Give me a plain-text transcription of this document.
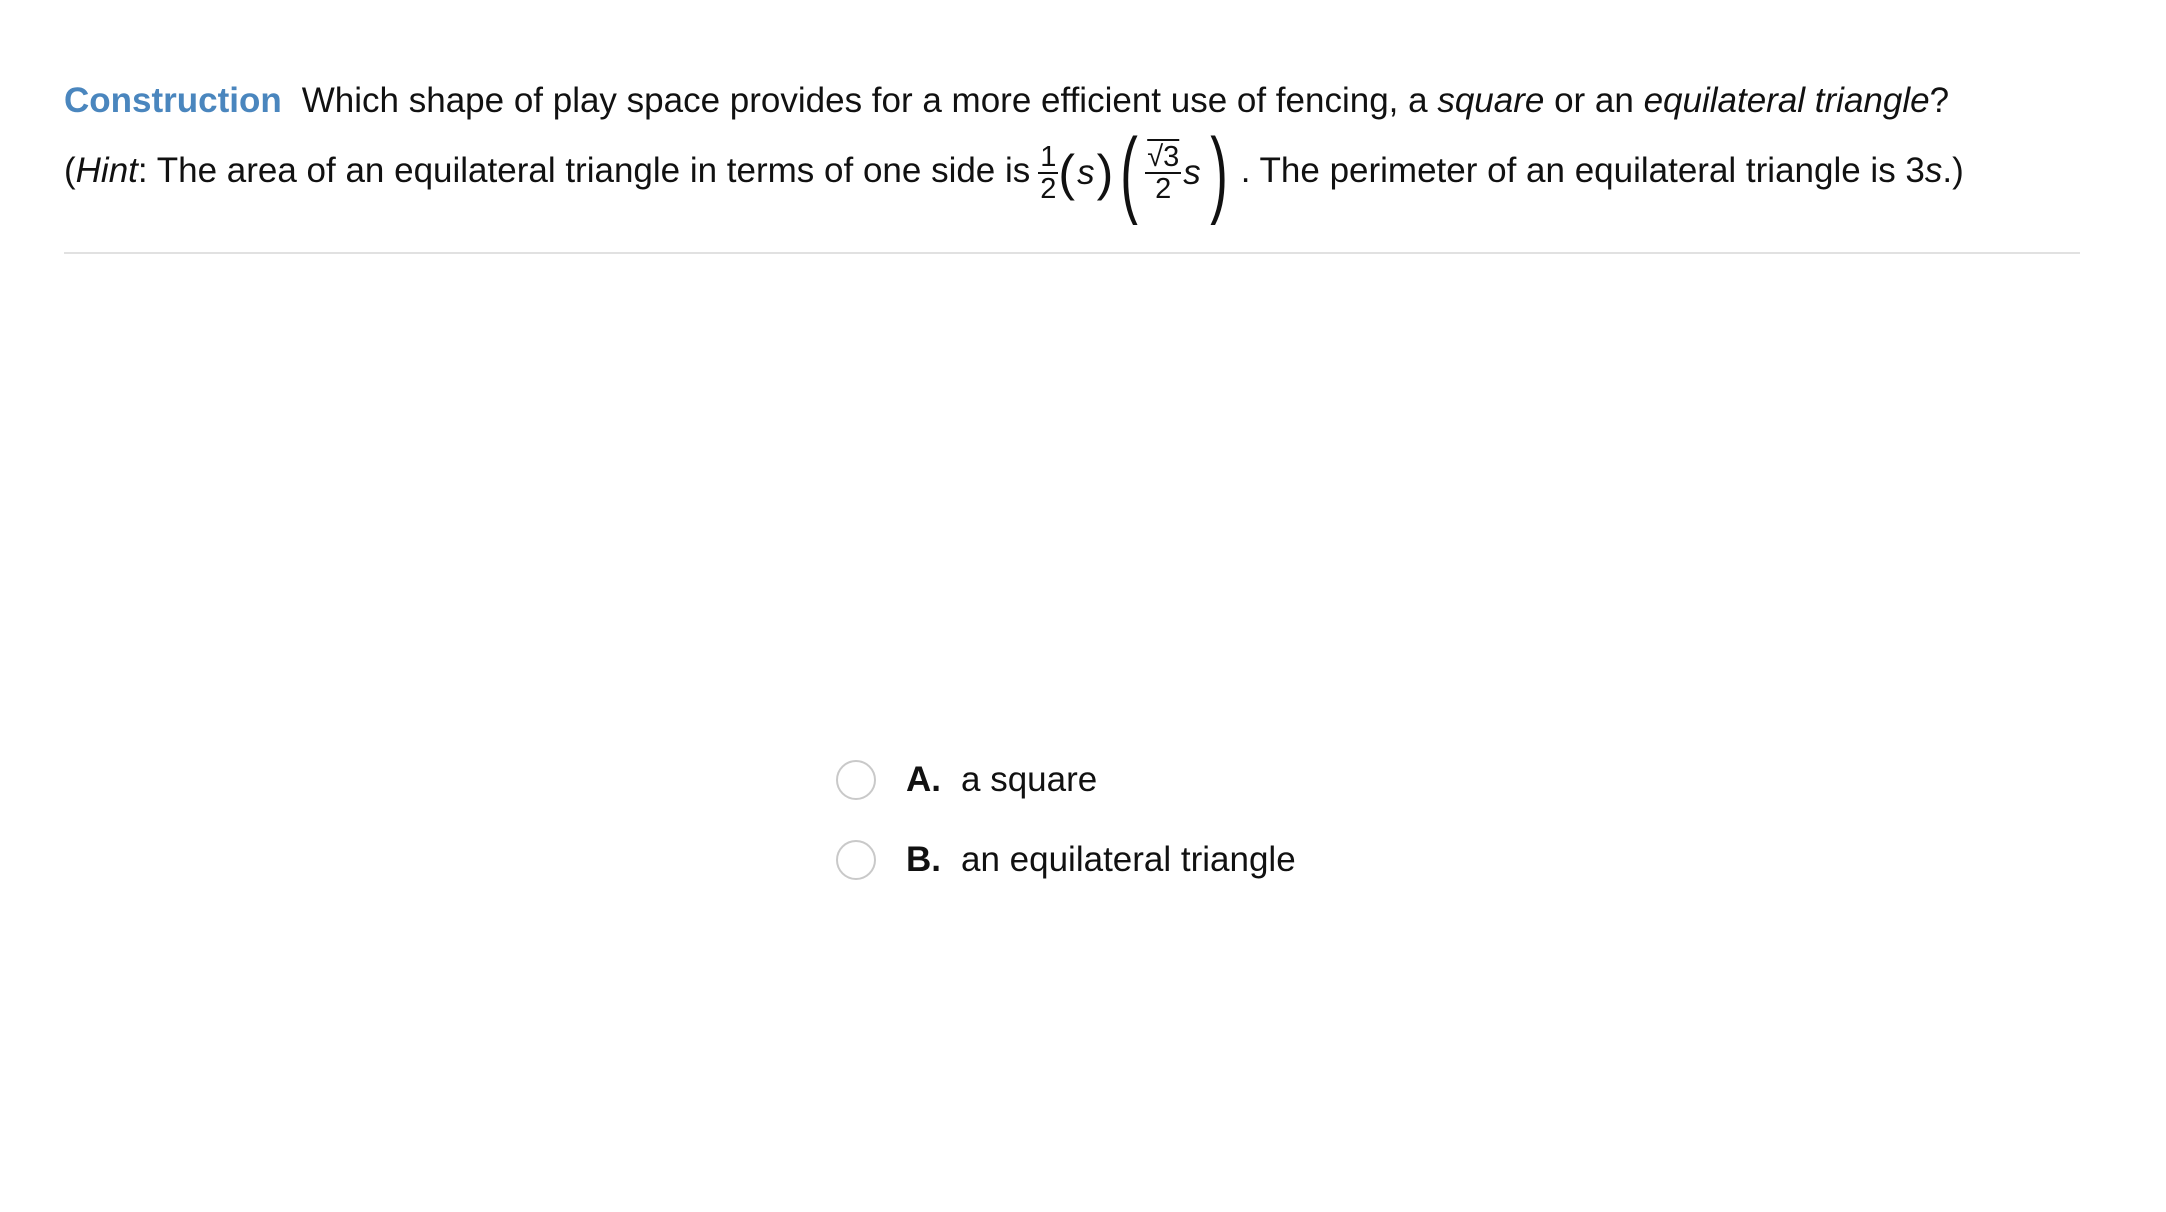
Construction Which shape of play space provides for a more efficient use of fencing, a square or an equilateral triangle ?
( Hint : The area of an equilateral triangle in terms of one side is $\frac{1}{2}$ ( s ) ( $\frac{√3}{2}$ s ) . The perimeter of an equilateral triangle is 3 s .)
A. a square
B. an equilateral triangle
